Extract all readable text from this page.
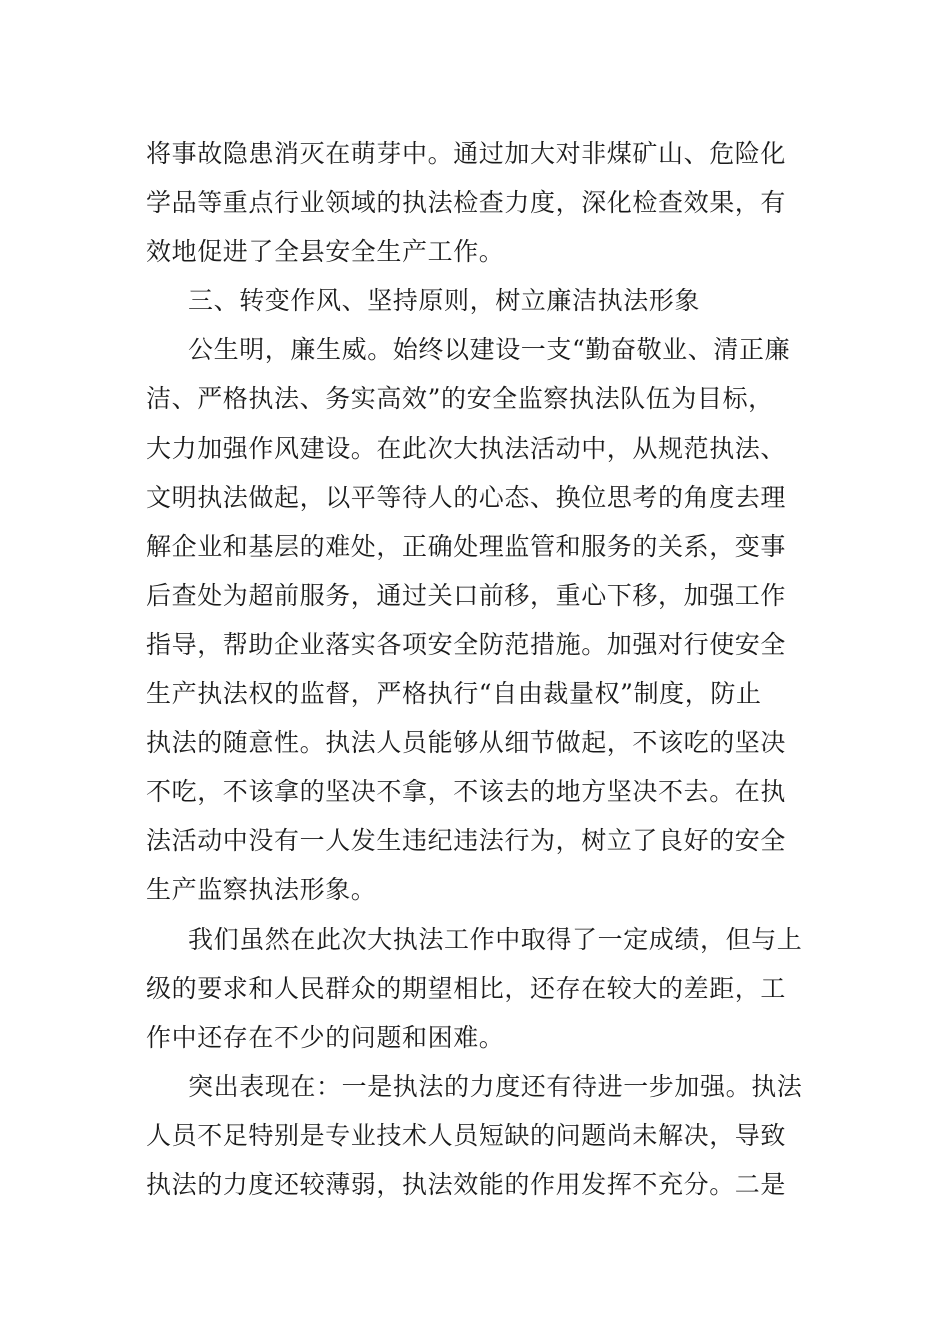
将事故隐患消灭在萌芽中。通过加大对非煤矿山、危险化
学品等重点行业领域的执法检查力度，深化检查效果，有
效地促进了全县安全生产工作。
三、转变作风、坚持原则，树立廉洁执法形象
公生明，廉生威。始终以建设一支“勤奋敬业、清正廉
洁、严格执法、务实高效”的安全监察执法队伍为目标，
大力加强作风建设。在此次大执法活动中，从规范执法、
文明执法做起，以平等待人的心态、换位思考的角度去理
解企业和基层的难处，正确处理监管和服务的关系，变事
后查处为超前服务，通过关口前移，重心下移，加强工作
指导，帮助企业落实各项安全防范措施。加强对行使安全
生产执法权的监督，严格执行“自由裁量权”制度，防止
执法的随意性。执法人员能够从细节做起，不该吃的坚决
不吃，不该拿的坚决不拿，不该去的地方坚决不去。在执
法活动中没有一人发生违纪违法行为，树立了良好的安全
生产监察执法形象。
我们虽然在此次大执法工作中取得了一定成绩，但与上
级的要求和人民群众的期望相比，还存在较大的差距，工
作中还存在不少的问题和困难。
突出表现在：一是执法的力度还有待进一步加强。执法
人员不足特别是专业技术人员短缺的问题尚未解决，导致
执法的力度还较薄弱，执法效能的作用发挥不充分。二是
